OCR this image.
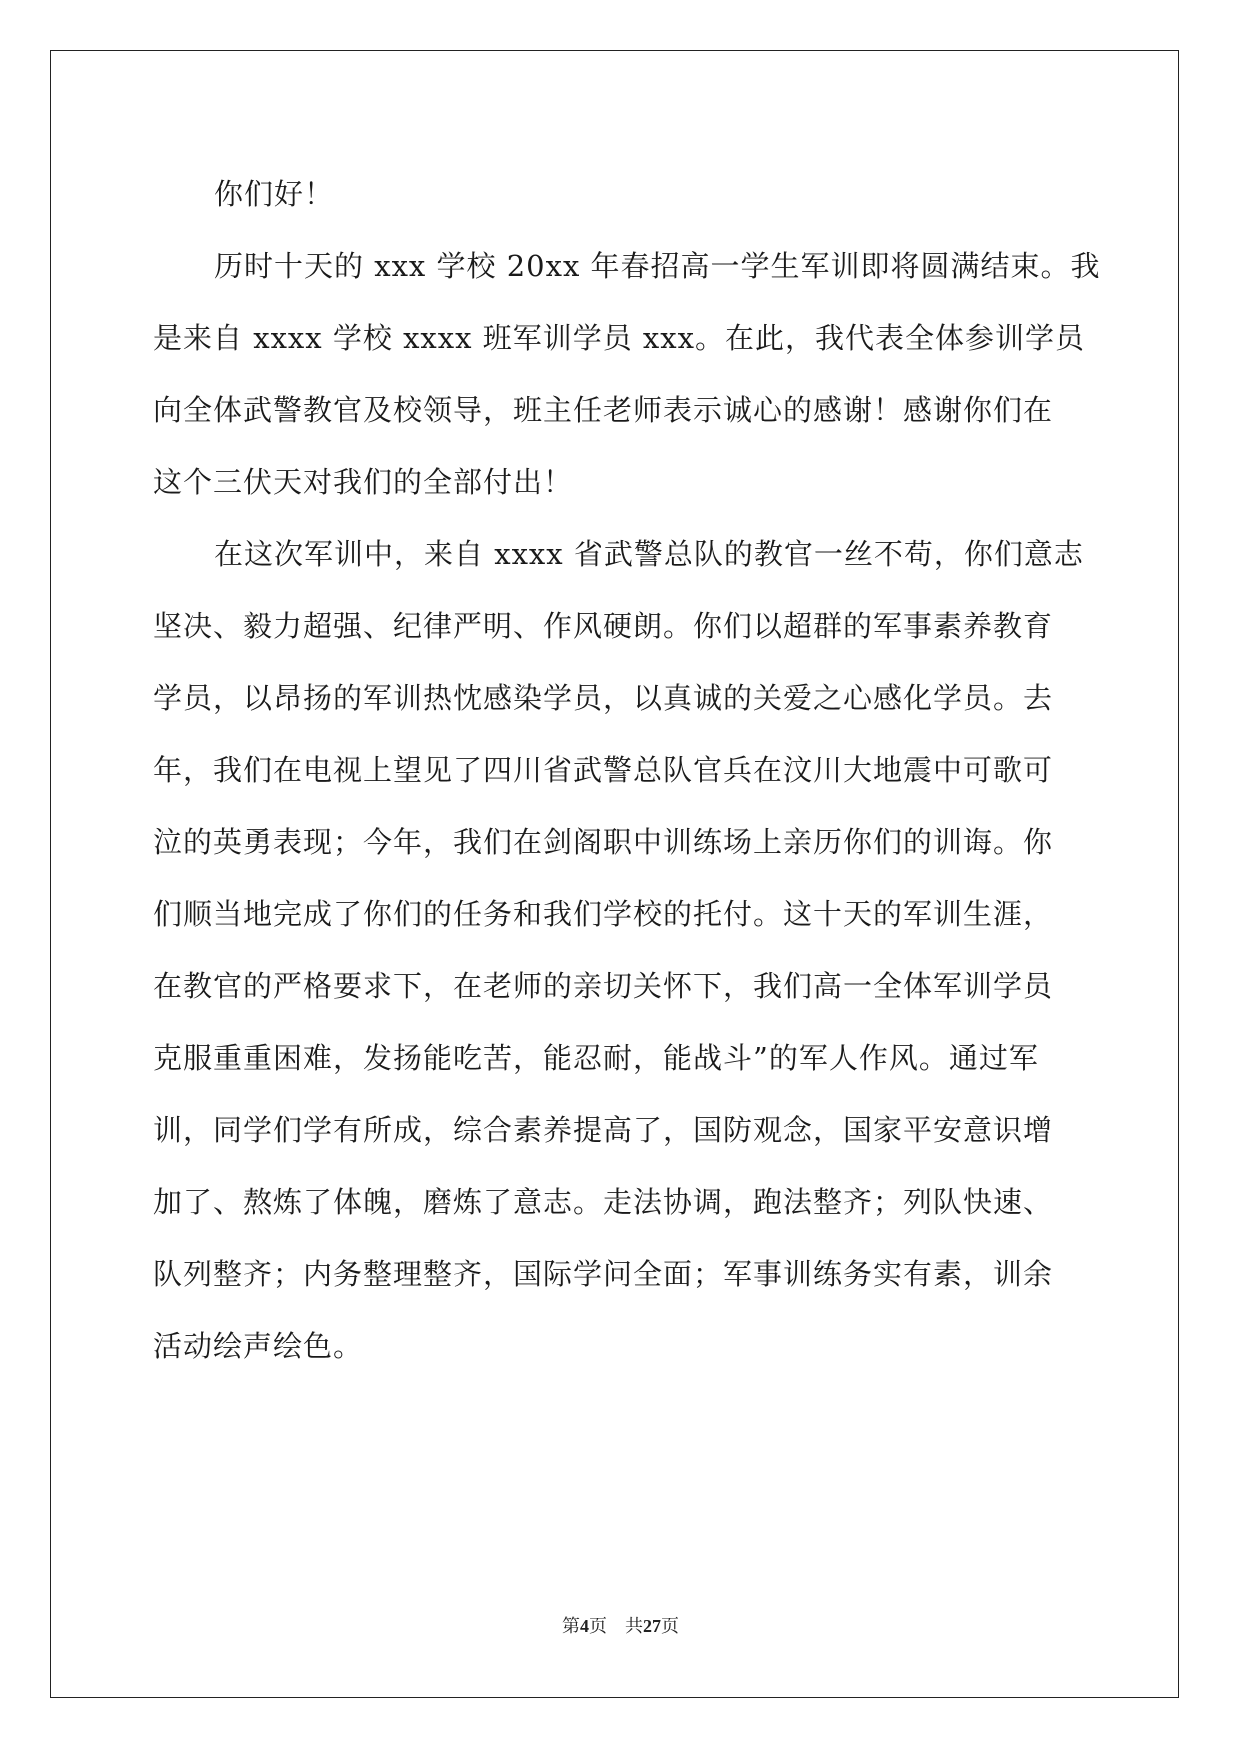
你们好！
历时十天的 xxx 学校 20xx 年春招高一学生军训即将圆满结束。我
是来自 xxxx 学校 xxxx 班军训学员 xxx。在此，我代表全体参训学员
向全体武警教官及校领导，班主任老师表示诚心的感谢！感谢你们在
这个三伏天对我们的全部付出！
在这次军训中，来自 xxxx 省武警总队的教官一丝不苟，你们意志
坚决、毅力超强、纪律严明、作风硬朗。你们以超群的军事素养教育
学员，以昂扬的军训热忱感染学员，以真诚的关爱之心感化学员。去
年，我们在电视上望见了四川省武警总队官兵在汶川大地震中可歌可
泣的英勇表现；今年，我们在剑阁职中训练场上亲历你们的训诲。你
们顺当地完成了你们的任务和我们学校的托付。这十天的军训生涯，
在教官的严格要求下，在老师的亲切关怀下，我们高一全体军训学员
克服重重困难，发扬能吃苦，能忍耐，能战斗”的军人作风。通过军
训，同学们学有所成，综合素养提高了，国防观念，国家平安意识增
加了、熬炼了体魄，磨炼了意志。走法协调，跑法整齐；列队快速、
队列整齐；内务整理整齐，国际学问全面；军事训练务实有素，训余
活动绘声绘色。
第4页 共27页
